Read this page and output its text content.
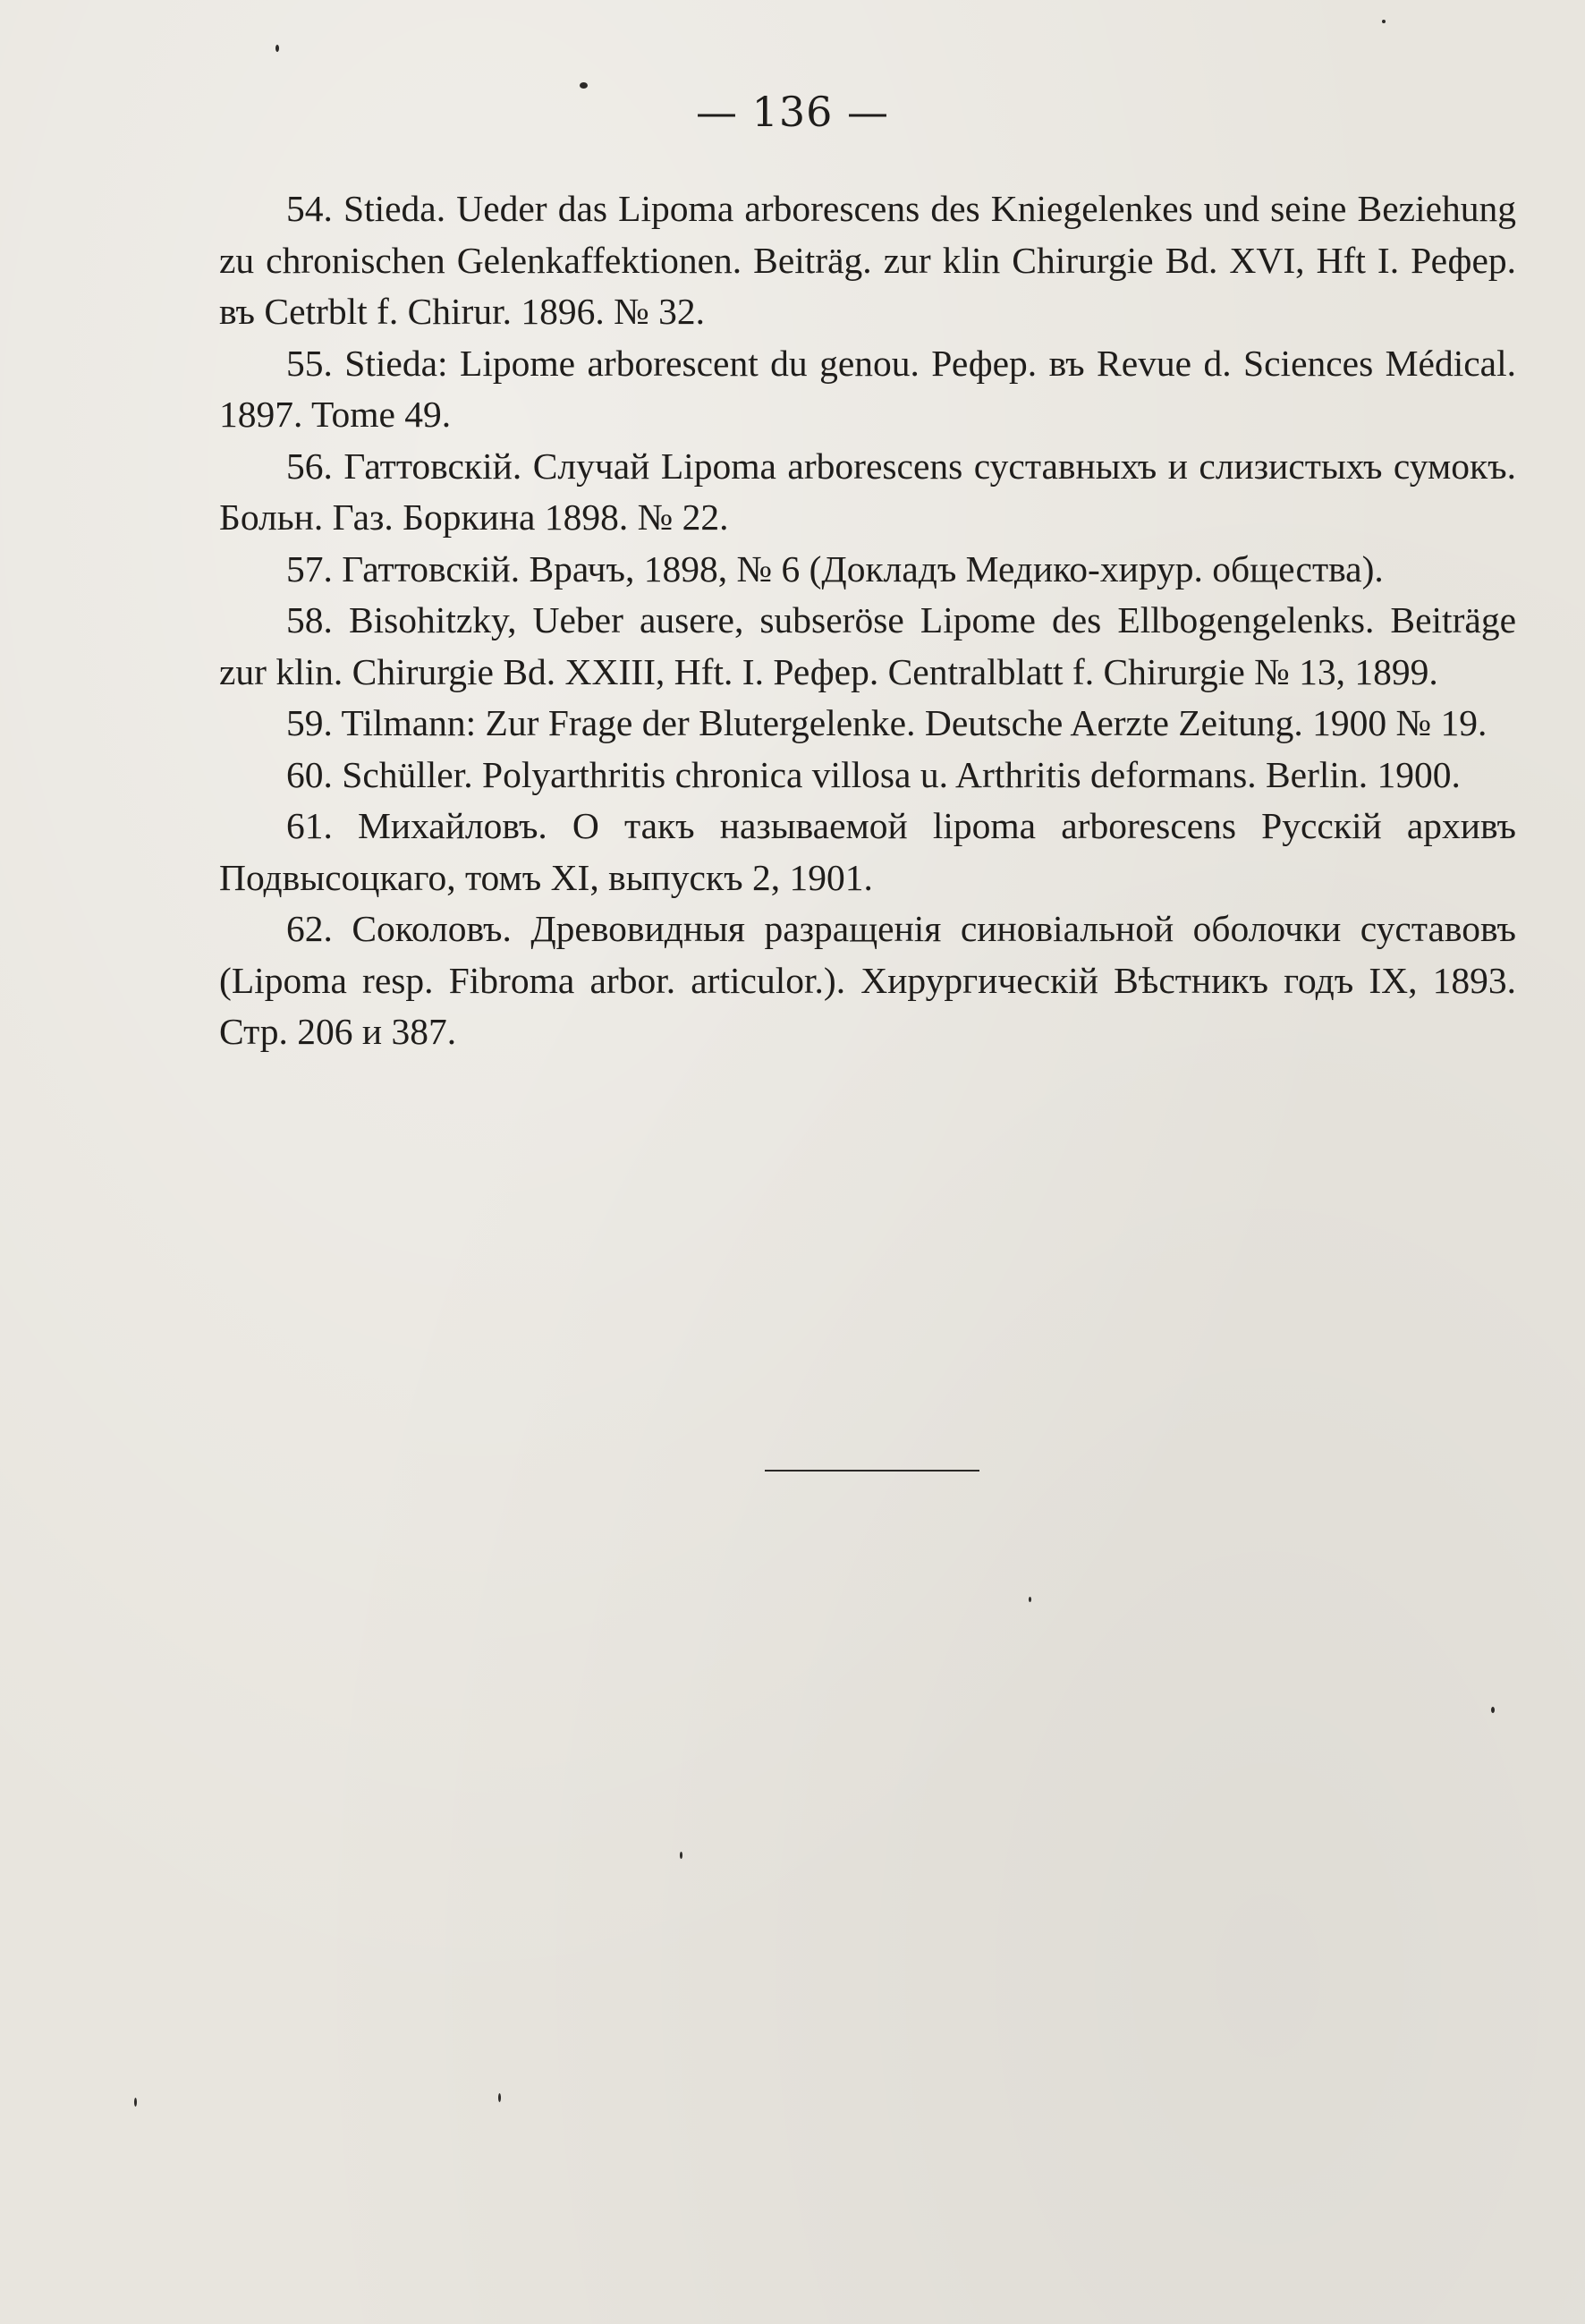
— 136 —

54. Stieda. Ueder das Lipoma arborescens des Kniegelenkes und seine Beziehung zu chronischen Gelenkaffektionen. Beiträg. zur klin Chirurgie Bd. XVI, Hft I. Рефер. въ Cetrblt f. Chirur. 1896. № 32.

55. Stieda: Lipome arborescent du genou. Рефер. въ Revue d. Sciences Médical. 1897. Tome 49.

56. Гаттовскій. Случай Lipoma arborescens суставныхъ и слизистыхъ сумокъ. Больн. Газ. Боркина 1898. № 22.

57. Гаттовскій. Врачъ, 1898, № 6 (Докладъ Медико-хирур. общества).

58. Bisohitzky, Ueber ausere, subseröse Lipome des Ellbogengelenks. Beiträge zur klin. Chirurgie Bd. XXIII, Hft. I. Рефер. Centralblatt f. Chirurgie № 13, 1899.

59. Tilmann: Zur Frage der Blutergelenke. Deutsche Aerzte Zeitung. 1900 № 19.

60. Schüller. Polyarthritis chronica villosa u. Arthritis deformans. Berlin. 1900.

61. Михайловъ. О такъ называемой lipoma arborescens Русскій архивъ Подвысоцкаго, томъ XI, выпускъ 2, 1901.

62. Соколовъ. Древовидныя разращенія синовіальной оболочки суставовъ (Lipoma resp. Fibroma arbor. articulor.). Хирургическій Вѣстникъ годъ IX, 1893. Стр. 206 и 387.
